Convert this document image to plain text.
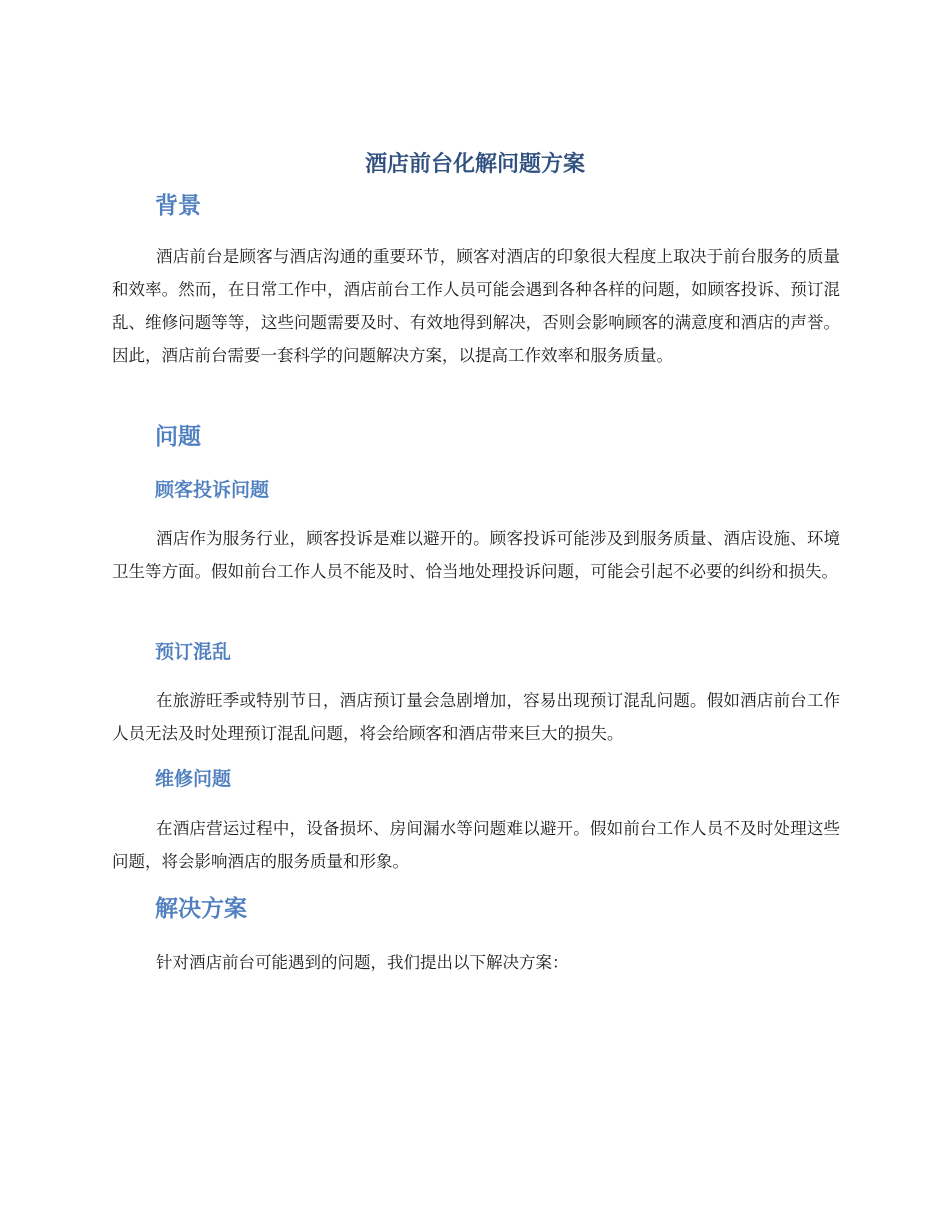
酒店前台化解问题方案
背景

酒店前台是顾客与酒店沟通的重要环节，顾客对酒店的印象很大程度上取决于前台服务的质量和效率。然而，在日常工作中，酒店前台工作人员可能会遇到各种各样的问题，如顾客投诉、预订混乱、维修问题等等，这些问题需要及时、有效地得到解决，否则会影响顾客的满意度和酒店的声誉。因此，酒店前台需要一套科学的问题解决方案，以提高工作效率和服务质量。

问题
顾客投诉问题

酒店作为服务行业，顾客投诉是难以避开的。顾客投诉可能涉及到服务质量、酒店设施、环境卫生等方面。假如前台工作人员不能及时、恰当地处理投诉问题，可能会引起不必要的纠纷和损失。

预订混乱

在旅游旺季或特别节日，酒店预订量会急剧增加，容易出现预订混乱问题。假如酒店前台工作人员无法及时处理预订混乱问题，将会给顾客和酒店带来巨大的损失。

维修问题

在酒店营运过程中，设备损坏、房间漏水等问题难以避开。假如前台工作人员不及时处理这些问题，将会影响酒店的服务质量和形象。

解决方案

针对酒店前台可能遇到的问题，我们提出以下解决方案：
